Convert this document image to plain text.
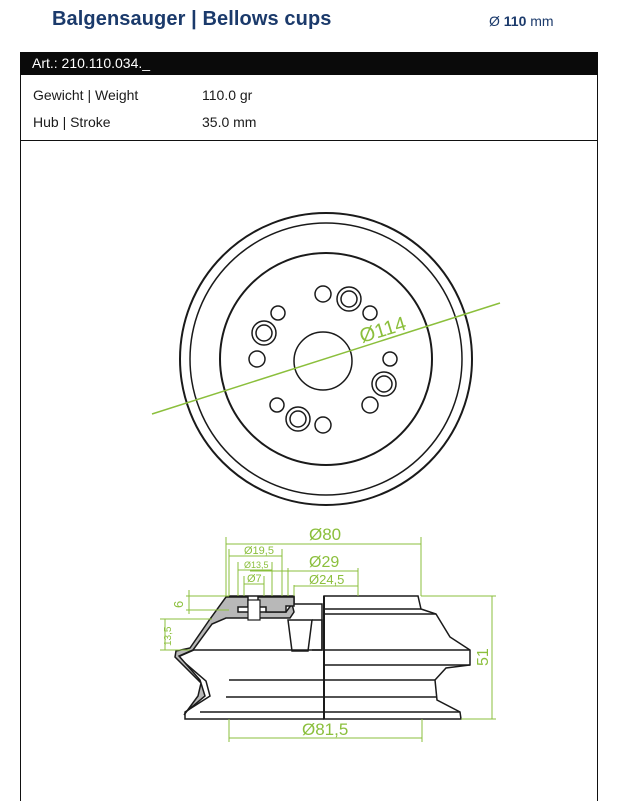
Balgensauger | Bellows cups	Ø 110 mm
Art.: 210.110.034._
Gewicht | Weight	110.0 gr
Hub | Stroke	35.0 mm
Ø114
Ø80
Ø19,5
Ø13,5
Ø7
Ø29
Ø24,5
6
13,5
51
Ø81,5
